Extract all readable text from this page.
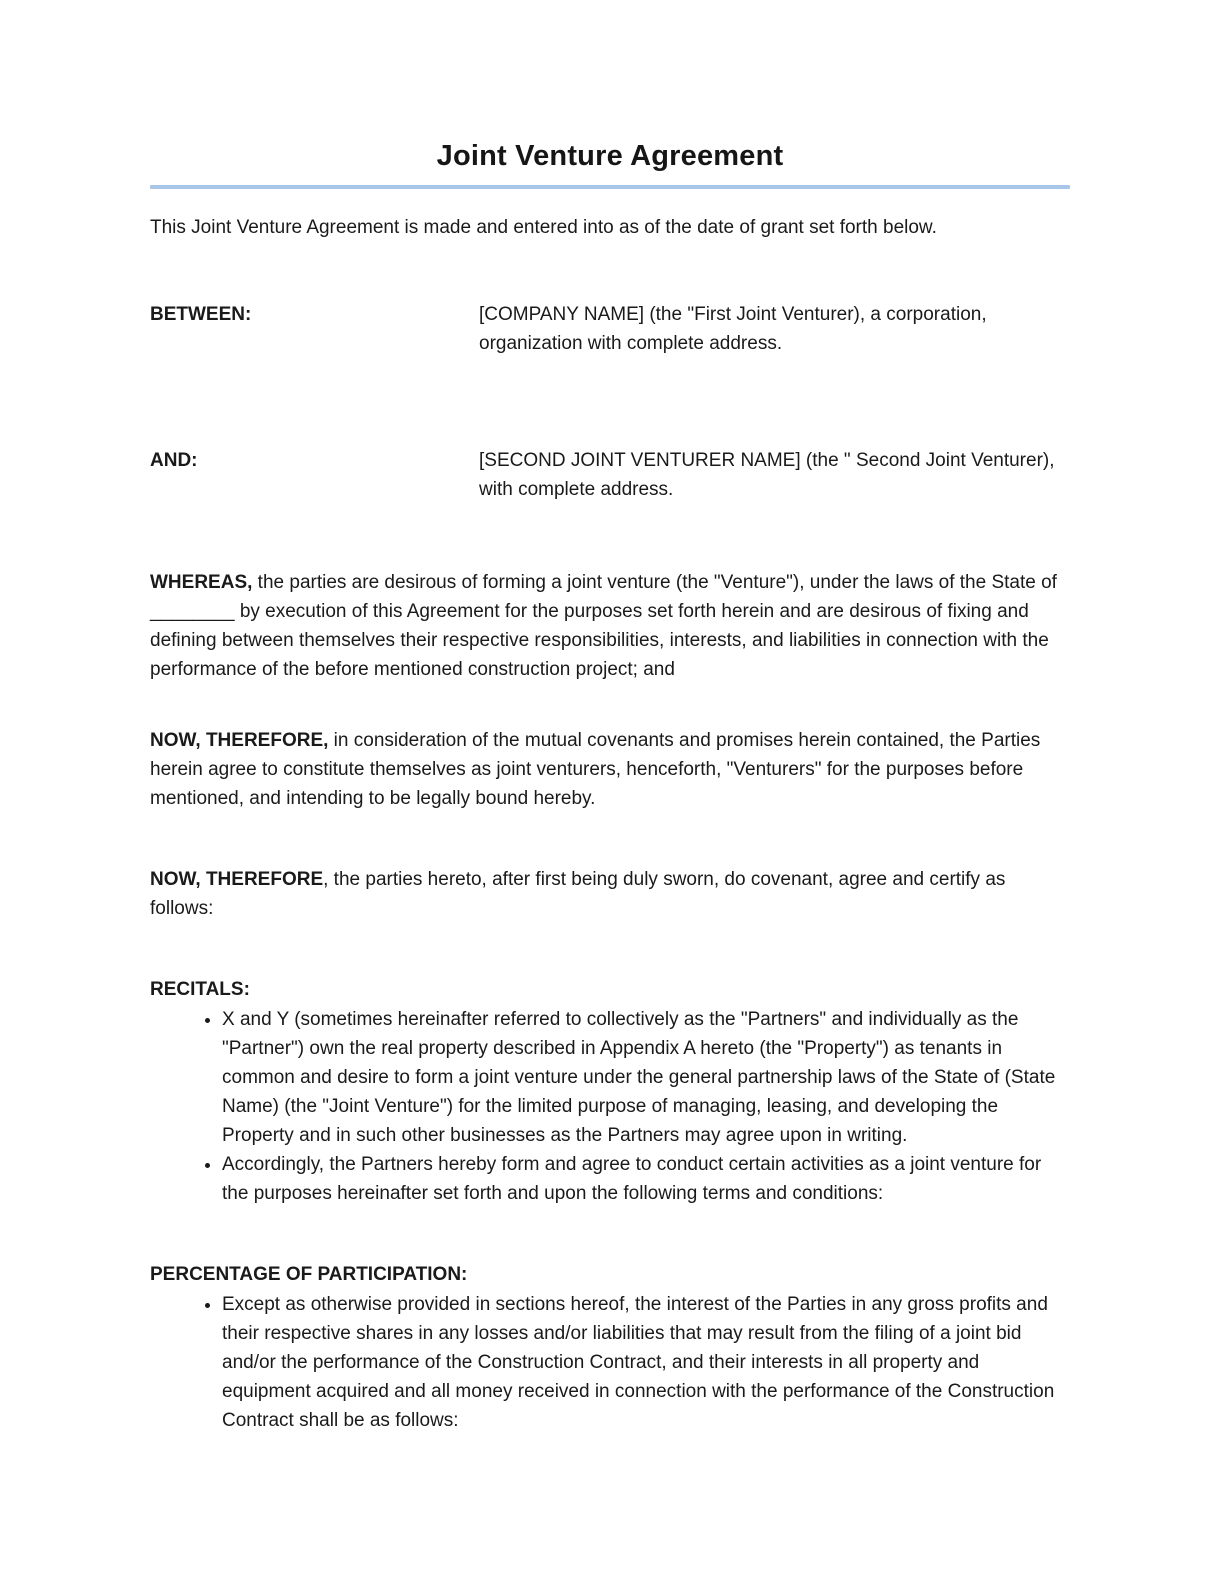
Joint Venture Agreement

This Joint Venture Agreement is made and entered into as of the date of grant set forth below.

BETWEEN:	[COMPANY NAME] (the "First Joint Venturer), a corporation, organization with complete address.
AND:	[SECOND JOINT VENTURER NAME] (the " Second Joint Venturer), with complete address.

WHEREAS, the parties are desirous of forming a joint venture (the "Venture"), under the laws of the State of ________ by execution of this Agreement for the purposes set forth herein and are desirous of fixing and defining between themselves their respective responsibilities, interests, and liabilities in connection with the performance of the before mentioned construction project; and

NOW, THEREFORE, in consideration of the mutual covenants and promises herein contained, the Parties herein agree to constitute themselves as joint venturers, henceforth, "Venturers" for the purposes before mentioned, and intending to be legally bound hereby.

NOW, THEREFORE, the parties hereto, after first being duly sworn, do covenant, agree and certify as follows:

RECITALS:
• X and Y (sometimes hereinafter referred to collectively as the "Partners" and individually as the "Partner") own the real property described in Appendix A hereto (the "Property") as tenants in common and desire to form a joint venture under the general partnership laws of the State of (State Name) (the "Joint Venture") for the limited purpose of managing, leasing, and developing the Property and in such other businesses as the Partners may agree upon in writing.
• Accordingly, the Partners hereby form and agree to conduct certain activities as a joint venture for the purposes hereinafter set forth and upon the following terms and conditions:
PERCENTAGE OF PARTICIPATION:
• Except as otherwise provided in sections hereof, the interest of the Parties in any gross profits and their respective shares in any losses and/or liabilities that may result from the filing of a joint bid and/or the performance of the Construction Contract, and their interests in all property and equipment acquired and all money received in connection with the performance of the Construction Contract shall be as follows:
